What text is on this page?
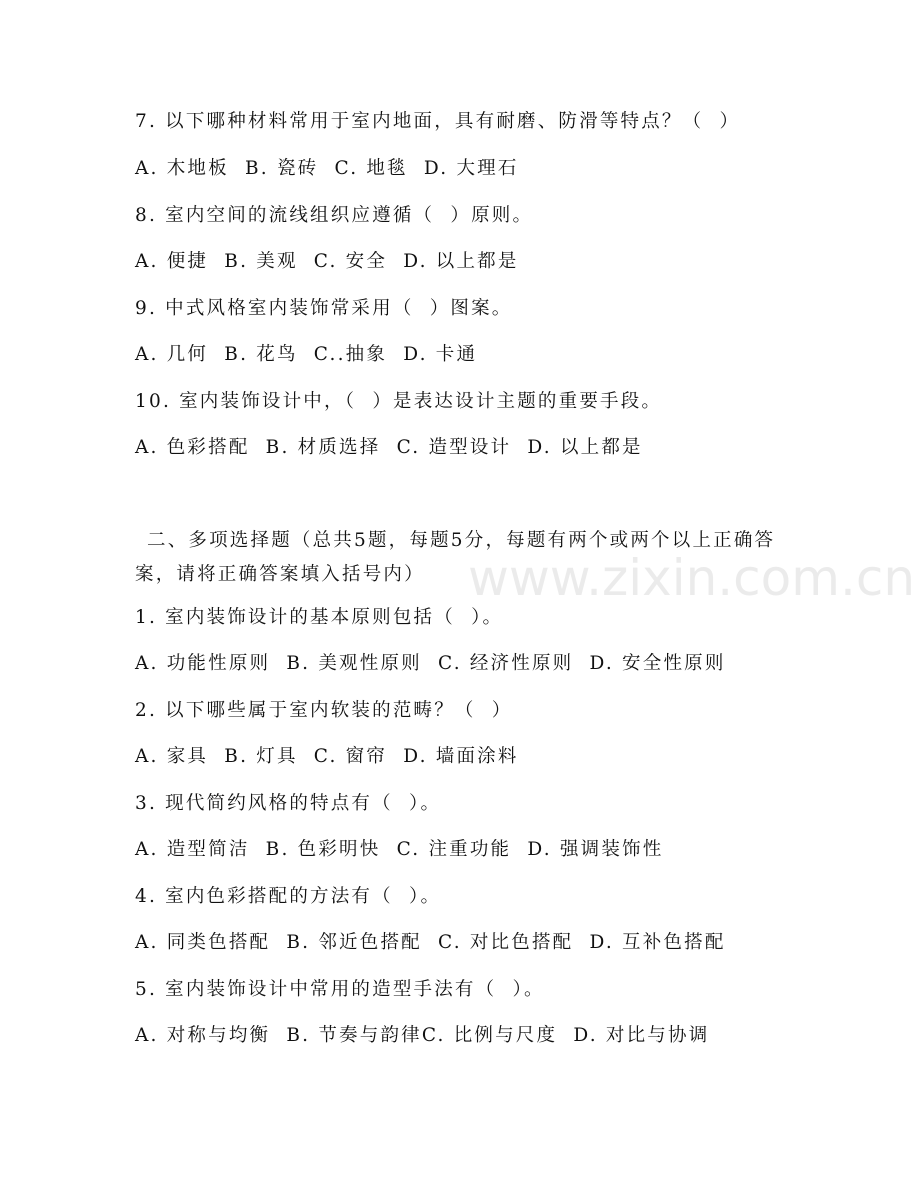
7. 以下哪种材料常用于室内地面，具有耐磨、防滑等特点？（  ）
A. 木地板  B. 瓷砖  C. 地毯  D. 大理石
8. 室内空间的流线组织应遵循（  ）原则。
A. 便捷  B. 美观  C. 安全  D. 以上都是
9. 中式风格室内装饰常采用（  ）图案。
A. 几何  B. 花鸟  C..抽象  D. 卡通
10. 室内装饰设计中，（  ）是表达设计主题的重要手段。
A. 色彩搭配  B. 材质选择  C. 造型设计  D. 以上都是
二、多项选择题（总共5题，每题5分，每题有两个或两个以上正确答案，请将正确答案填入括号内）
1. 室内装饰设计的基本原则包括（  ）。
A. 功能性原则  B. 美观性原则  C. 经济性原则  D. 安全性原则
2. 以下哪些属于室内软装的范畴？（  ）
A. 家具  B. 灯具  C. 窗帘  D. 墙面涂料
3. 现代简约风格的特点有（  ）。
A. 造型简洁  B. 色彩明快  C. 注重功能  D. 强调装饰性
4. 室内色彩搭配的方法有（  ）。
A. 同类色搭配  B. 邻近色搭配  C. 对比色搭配  D. 互补色搭配
5. 室内装饰设计中常用的造型手法有（  ）。
A. 对称与均衡  B. 节奏与韵律C. 比例与尺度  D. 对比与协调
www.zixin.com.cn
